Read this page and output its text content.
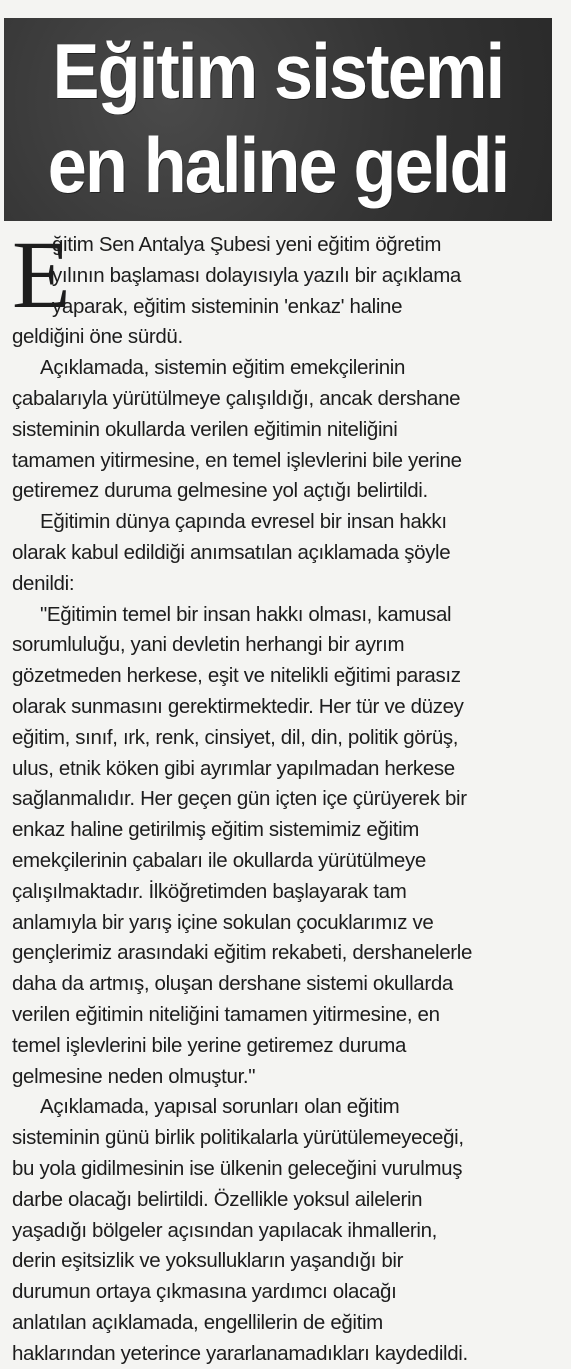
Eğitim sistemi
en haline geldi
E
ğitim Sen Antalya Şubesi yeni eğitim öğretim
yılının başlaması dolayısıyla yazılı bir açıklama
yaparak, eğitim sisteminin 'enkaz' haline
geldiğini öne sürdü.
Açıklamada, sistemin eğitim emekçilerinin
çabalarıyla yürütülmeye çalışıldığı, ancak dershane
sisteminin okullarda verilen eğitimin niteliğini
tamamen yitirmesine, en temel işlevlerini bile yerine
getiremez duruma gelmesine yol açtığı belirtildi.
Eğitimin dünya çapında evresel bir insan hakkı
olarak kabul edildiği anımsatılan açıklamada şöyle
denildi:
"Eğitimin temel bir insan hakkı olması, kamusal
sorumluluğu, yani devletin herhangi bir ayrım
gözetmeden herkese, eşit ve nitelikli eğitimi parasız
olarak sunmasını gerektirmektedir. Her tür ve düzey
eğitim, sınıf, ırk, renk, cinsiyet, dil, din, politik görüş,
ulus, etnik köken gibi ayrımlar yapılmadan herkese
sağlanmalıdır. Her geçen gün içten içe çürüyerek bir
enkaz haline getirilmiş eğitim sistemimiz eğitim
emekçilerinin çabaları ile okullarda yürütülmeye
çalışılmaktadır. İlköğretimden başlayarak tam
anlamıyla bir yarış içine sokulan çocuklarımız ve
gençlerimiz arasındaki eğitim rekabeti, dershanelerle
daha da artmış, oluşan dershane sistemi okullarda
verilen eğitimin niteliğini tamamen yitirmesine, en
temel işlevlerini bile yerine getiremez duruma
gelmesine neden olmuştur."
Açıklamada, yapısal sorunları olan eğitim
sisteminin günü birlik politikalarla yürütülemeyeceği,
bu yola gidilmesinin ise ülkenin geleceğini vurulmuş
darbe olacağı belirtildi. Özellikle yoksul ailelerin
yaşadığı bölgeler açısından yapılacak ihmallerin,
derin eşitsizlik ve yoksullukların yaşandığı bir
durumun ortaya çıkmasına yardımcı olacağı
anlatılan açıklamada, engellilerin de eğitim
haklarından yeterince yararlanamadıkları kaydedildi.
